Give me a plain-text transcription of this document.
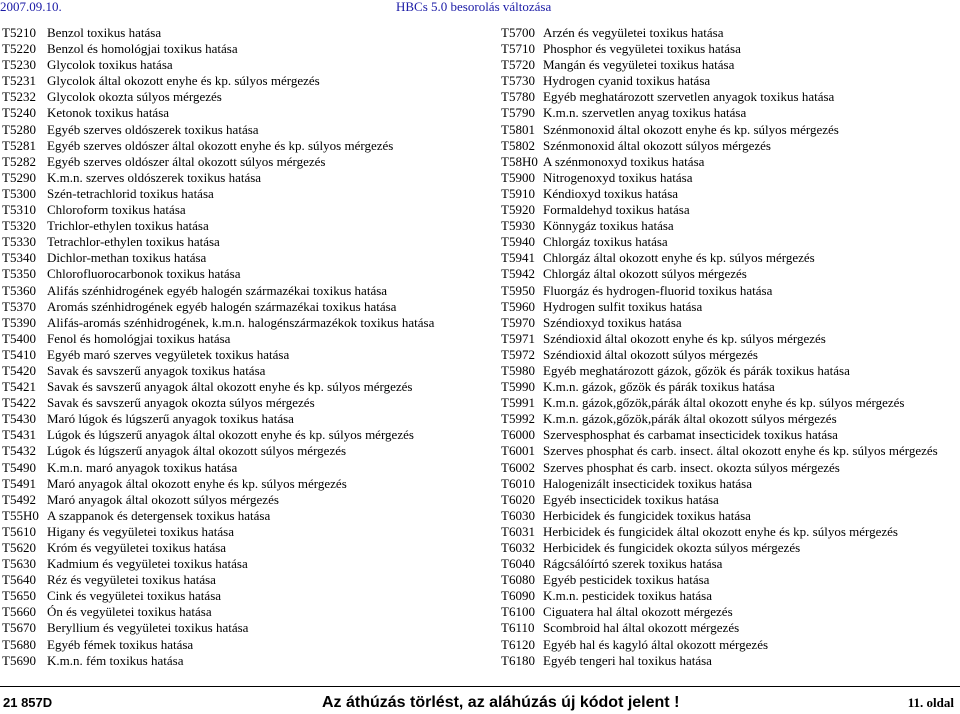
2007.09.10.	HBCs 5.0 besorolás változása
T5210 Benzol toxikus hatása
T5220 Benzol és homológjai toxikus hatása
T5230 Glycolok toxikus hatása
T5231 Glycolok által okozott enyhe és kp. súlyos mérgezés
T5232 Glycolok okozta súlyos mérgezés
T5240 Ketonok toxikus hatása
T5280 Egyéb szerves oldószerek toxikus hatása
T5281 Egyéb szerves oldószer által okozott enyhe és kp. súlyos mérgezés
T5282 Egyéb szerves oldószer által okozott súlyos mérgezés
T5290 K.m.n. szerves oldószerek toxikus hatása
T5300 Szén-tetrachlorid toxikus hatása
T5310 Chloroform toxikus hatása
T5320 Trichlor-ethylen toxikus hatása
T5330 Tetrachlor-ethylen toxikus hatása
T5340 Dichlor-methan toxikus hatása
T5350 Chlorofluorocarbonok toxikus hatása
T5360 Alifás szénhidrogének egyéb halogén származékai toxikus hatása
T5370 Aromás szénhidrogének egyéb halogén származékai toxikus hatása
T5390 Alifás-aromás szénhidrogének, k.m.n. halogénszármazékok toxikus hatása
T5400 Fenol és homológjai toxikus hatása
T5410 Egyéb maró szerves vegyületek toxikus hatása
T5420 Savak és savszerű anyagok toxikus hatása
T5421 Savak és savszerű anyagok által okozott enyhe és kp. súlyos mérgezés
T5422 Savak és savszerű anyagok okozta súlyos mérgezés
T5430 Maró lúgok és lúgszerű anyagok toxikus hatása
T5431 Lúgok és lúgszerű anyagok által okozott enyhe és kp. súlyos mérgezés
T5432 Lúgok és lúgszerű anyagok által okozott súlyos mérgezés
T5490 K.m.n. maró anyagok toxikus hatása
T5491 Maró anyagok által okozott enyhe és kp. súlyos mérgezés
T5492 Maró anyagok által okozott súlyos mérgezés
T55H0 A szappanok és detergensek toxikus hatása
T5610 Higany és vegyületei toxikus hatása
T5620 Króm és vegyületei toxikus hatása
T5630 Kadmium és vegyületei toxikus hatása
T5640 Réz és vegyületei toxikus hatása
T5650 Cink és vegyületei toxikus hatása
T5660 Ón és vegyületei toxikus hatása
T5670 Beryllium és vegyületei toxikus hatása
T5680 Egyéb fémek toxikus hatása
T5690 K.m.n. fém toxikus hatása
T5700 Arzén és vegyületei toxikus hatása
T5710 Phosphor és vegyületei toxikus hatása
T5720 Mangán és vegyületei toxikus hatása
T5730 Hydrogen cyanid toxikus hatása
T5780 Egyéb meghatározott szervetlen anyagok toxikus hatása
T5790 K.m.n. szervetlen anyag toxikus hatása
T5801 Szénmonoxid által okozott enyhe és kp. súlyos mérgezés
T5802 Szénmonoxid által okozott súlyos mérgezés
T58H0 A szénmonoxyd toxikus hatása
T5900 Nitrogenoxyd toxikus hatása
T5910 Kéndioxyd toxikus hatása
T5920 Formaldehyd toxikus hatása
T5930 Könnygáz toxikus hatása
T5940 Chlorgáz toxikus hatása
T5941 Chlorgáz által okozott enyhe és kp. súlyos mérgezés
T5942 Chlorgáz által okozott súlyos mérgezés
T5950 Fluorgáz és hydrogen-fluorid toxikus hatása
T5960 Hydrogen sulfit toxikus hatása
T5970 Széndioxyd toxikus hatása
T5971 Széndioxid által okozott enyhe és kp. súlyos mérgezés
T5972 Széndioxid által okozott súlyos mérgezés
T5980 Egyéb meghatározott gázok, gőzök és párák toxikus hatása
T5990 K.m.n. gázok, gőzök és párák toxikus hatása
T5991 K.m.n. gázok,gőzök,párák által okozott enyhe és kp. súlyos mérgezés
T5992 K.m.n. gázok,gőzök,párák által okozott súlyos mérgezés
T6000 Szervesphosphat és carbamat insecticidek toxikus hatása
T6001 Szerves phosphat és carb. insect. által okozott enyhe és kp. súlyos mérgezés
T6002 Szerves phosphat és carb. insect. okozta súlyos mérgezés
T6010 Halogenizált insecticidek toxikus hatása
T6020 Egyéb insecticidek toxikus hatása
T6030 Herbicidek és fungicidek toxikus hatása
T6031 Herbicidek és fungicidek által okozott enyhe és kp. súlyos mérgezés
T6032 Herbicidek és fungicidek okozta súlyos mérgezés
T6040 Rágcsálóírtó szerek toxikus hatása
T6080 Egyéb pesticidek toxikus hatása
T6090 K.m.n. pesticidek toxikus hatása
T6100 Ciguatera hal által okozott mérgezés
T6110 Scombroid hal által okozott mérgezés
T6120 Egyéb hal és kagyló által okozott mérgezés
T6180 Egyéb tengeri hal toxikus hatása
21 857D	Az áthúzás törlést, az aláhúzás új kódot jelent !	11. oldal
